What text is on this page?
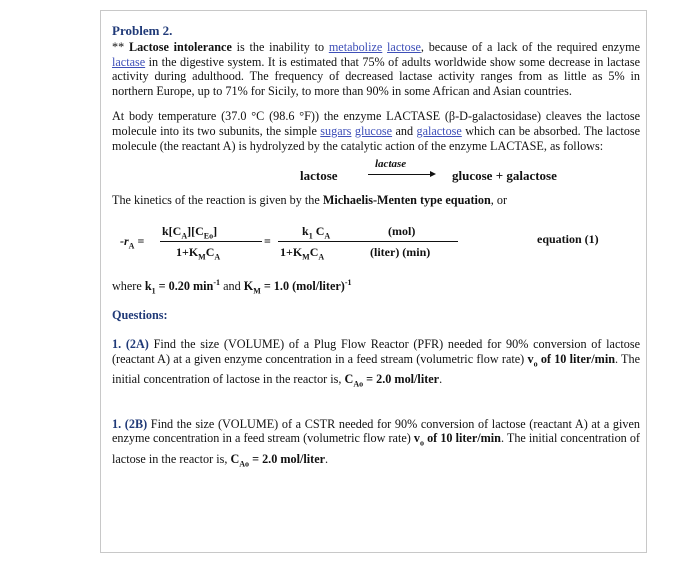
Problem 2.

** Lactose intolerance is the inability to metabolize lactose, because of a lack of the required enzyme lactase in the digestive system. It is estimated that 75% of adults worldwide show some decrease in lactase activity during adulthood. The frequency of decreased lactase activity ranges from as little as 5% in northern Europe, up to 71% for Sicily, to more than 90% in some African and Asian countries.

At body temperature (37.0 °C (98.6 °F)) the enzyme LACTASE (β-D-galactosidase) cleaves the lactose molecule into its two subunits, the simple sugars glucose and galactose which can be absorbed. The lactose molecule (the reactant A) is hydrolyzed by the catalytic action of the enzyme LACTASE, as follows:

lactose
lactase
glucose + galactose

The kinetics of the reaction is given by the Michaelis-Menten type equation, or

$-r_A$ =
$k[C_A][C_{Eo}]$
$1+K_MC_A$
=
$k_1$ $C_A$	(mol)
$1+K_MC_A$	(liter) (min)
equation (1)

where $k_1 = 0.20$ $\min^{-1}$ and $K_M = 1.0$ (mol/liter)$^{-1}$

Questions:

1. (2A) Find the size (VOLUME) of a Plug Flow Reactor (PFR) needed for 90% conversion of lactose (reactant A) at a given enzyme concentration in a feed stream (volumetric flow rate) $v_o$ of 10 liter/min. The initial concentration of lactose in the reactor is, $C_{Ao} = 2.0$ mol/liter.

1. (2B) Find the size (VOLUME) of a CSTR needed for 90% conversion of lactose (reactant A) at a given enzyme concentration in a feed stream (volumetric flow rate) $v_o$ of 10 liter/min. The initial concentration of lactose in the reactor is, $C_{Ao} = 2.0$ mol/liter.
